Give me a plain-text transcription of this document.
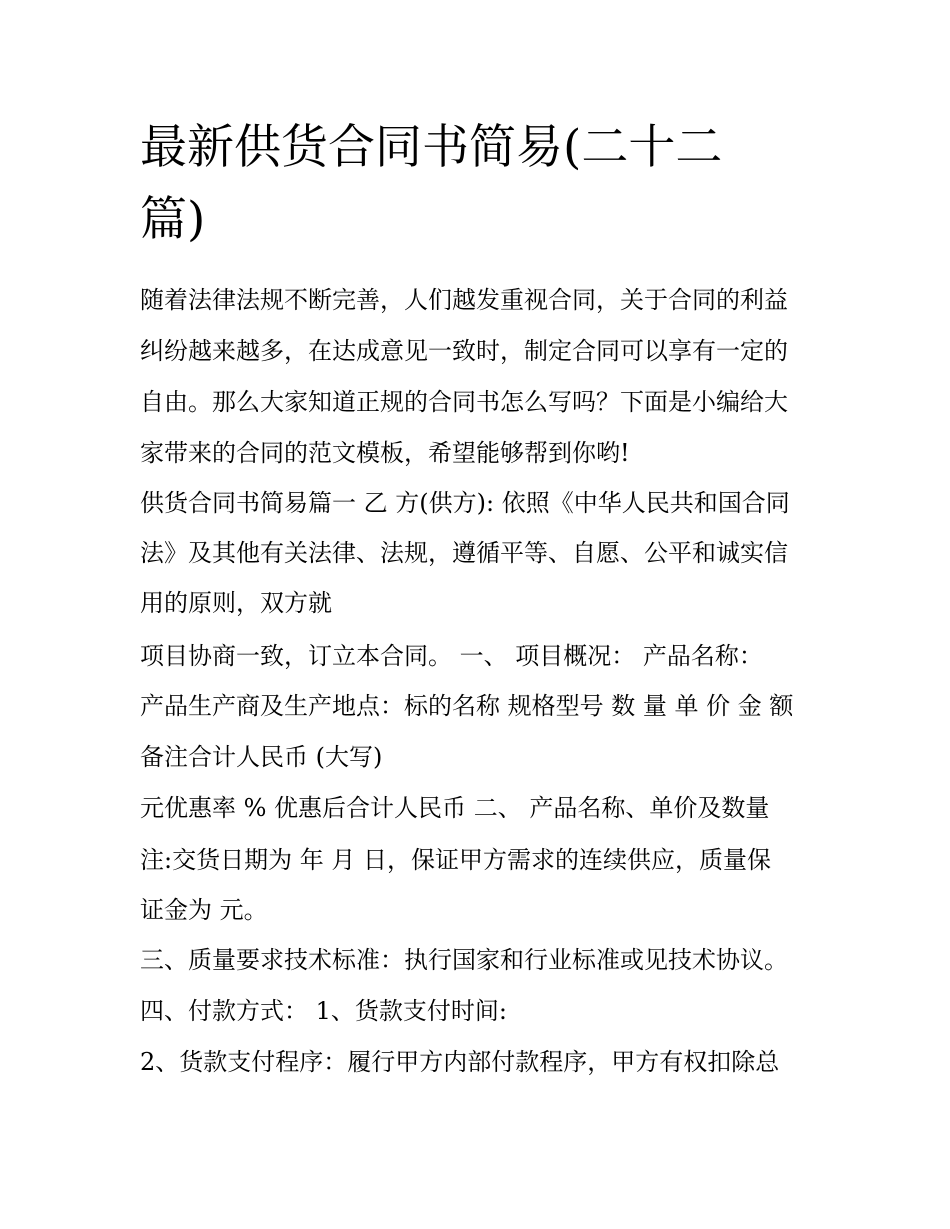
最新供货合同书简易(二十二
篇)

随着法律法规不断完善，人们越发重视合同，关于合同的利益

纠纷越来越多，在达成意见一致时，制定合同可以享有一定的

自由。那么大家知道正规的合同书怎么写吗？下面是小编给大

家带来的合同的范文模板，希望能够帮到你哟!

供货合同书简易篇一 乙 方(供方): 依照《中华人民共和国合同

法》及其他有关法律、法规，遵循平等、自愿、公平和诚实信

用的原则，双方就

项目协商一致，订立本合同。 一、 项目概况： 产品名称：

产品生产商及生产地点：标的名称 规格型号 数 量 单 价 金 额

备注合计人民币 (大写)

元优惠率 % 优惠后合计人民币 二、 产品名称、单价及数量

注:交货日期为 年 月 日，保证甲方需求的连续供应，质量保

证金为 元。

三、质量要求技术标准：执行国家和行业标准或见技术协议。

四、付款方式： 1、货款支付时间:

2、货款支付程序：履行甲方内部付款程序，甲方有权扣除总
